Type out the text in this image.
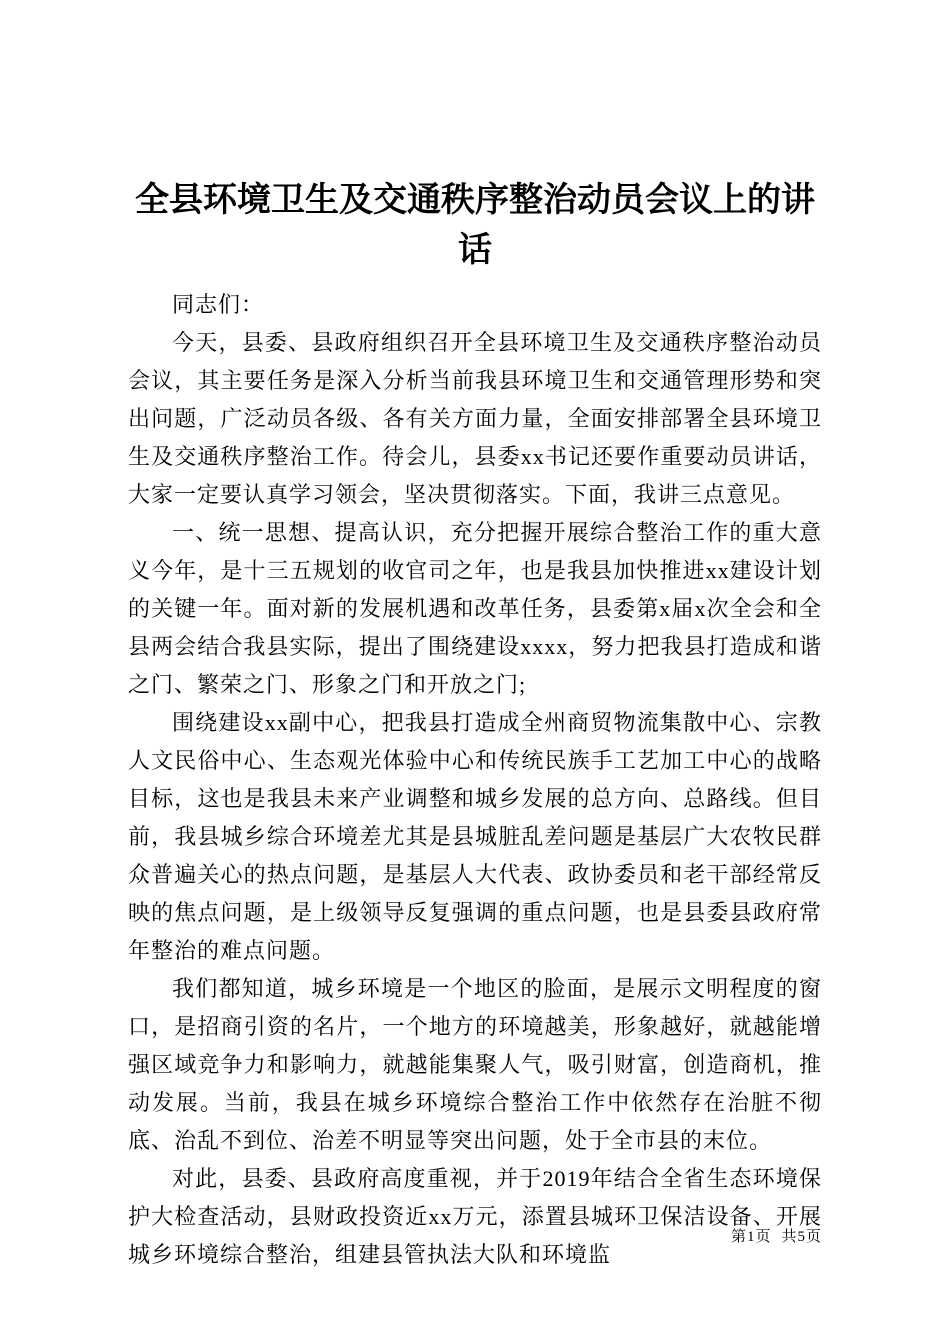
全县环境卫生及交通秩序整治动员会议上的讲话

同志们：

今天，县委、县政府组织召开全县环境卫生及交通秩序整治动员会议，其主要任务是深入分析当前我县环境卫生和交通管理形势和突出问题，广泛动员各级、各有关方面力量，全面安排部署全县环境卫生及交通秩序整治工作。待会儿，县委xx书记还要作重要动员讲话，大家一定要认真学习领会，坚决贯彻落实。下面，我讲三点意见。

一、统一思想、提高认识，充分把握开展综合整治工作的重大意义今年，是十三五规划的收官司之年，也是我县加快推进xx建设计划的关键一年。面对新的发展机遇和改革任务，县委第x届x次全会和全县两会结合我县实际，提出了围绕建设xxxx，努力把我县打造成和谐之门、繁荣之门、形象之门和开放之门;

围绕建设xx副中心，把我县打造成全州商贸物流集散中心、宗教人文民俗中心、生态观光体验中心和传统民族手工艺加工中心的战略目标，这也是我县未来产业调整和城乡发展的总方向、总路线。但目前，我县城乡综合环境差尤其是县城脏乱差问题是基层广大农牧民群众普遍关心的热点问题，是基层人大代表、政协委员和老干部经常反映的焦点问题，是上级领导反复强调的重点问题，也是县委县政府常年整治的难点问题。

我们都知道，城乡环境是一个地区的脸面，是展示文明程度的窗口，是招商引资的名片，一个地方的环境越美，形象越好，就越能增强区域竞争力和影响力，就越能集聚人气，吸引财富，创造商机，推动发展。当前，我县在城乡环境综合整治工作中依然存在治脏不彻底、治乱不到位、治差不明显等突出问题，处于全市县的末位。

对此，县委、县政府高度重视，并于2019年结合全省生态环境保护大检查活动，县财政投资近xx万元，添置县城环卫保洁设备、开展城乡环境综合整治，组建县管执法大队和环境监

第1页 共5页
